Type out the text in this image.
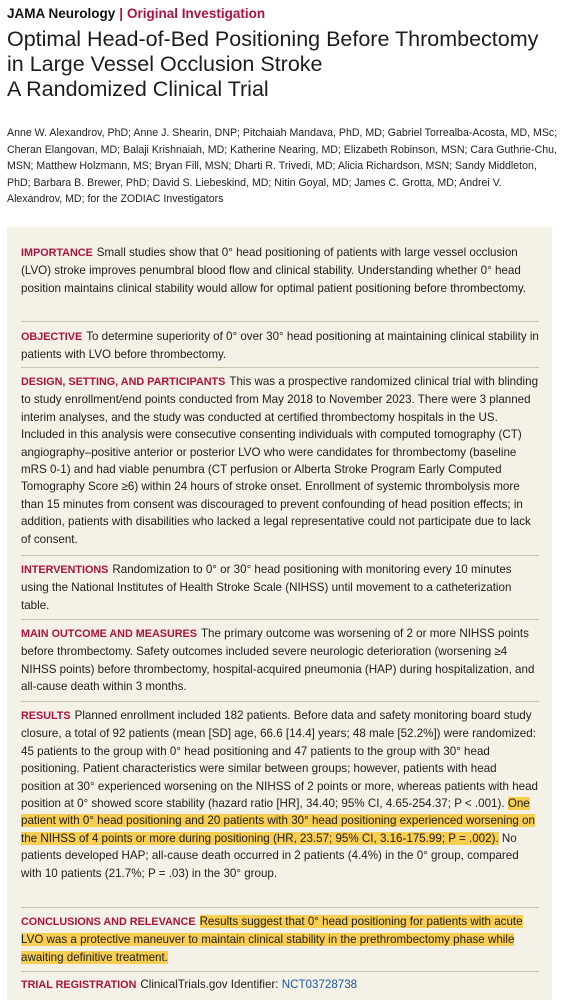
JAMA Neurology | Original Investigation
Optimal Head-of-Bed Positioning Before Thrombectomy in Large Vessel Occlusion Stroke
A Randomized Clinical Trial
Anne W. Alexandrov, PhD; Anne J. Shearin, DNP; Pitchaiah Mandava, PhD, MD; Gabriel Torrealba-Acosta, MD, MSc; Cheran Elangovan, MD; Balaji Krishnaiah, MD; Katherine Nearing, MD; Elizabeth Robinson, MSN; Cara Guthrie-Chu, MSN; Matthew Holzmann, MS; Bryan Fill, MSN; Dharti R. Trivedi, MD; Alicia Richardson, MSN; Sandy Middleton, PhD; Barbara B. Brewer, PhD; David S. Liebeskind, MD; Nitin Goyal, MD; James C. Grotta, MD; Andrei V. Alexandrov, MD; for the ZODIAC Investigators
IMPORTANCE Small studies show that 0° head positioning of patients with large vessel occlusion (LVO) stroke improves penumbral blood flow and clinical stability. Understanding whether 0° head position maintains clinical stability would allow for optimal patient positioning before thrombectomy.
OBJECTIVE To determine superiority of 0° over 30° head positioning at maintaining clinical stability in patients with LVO before thrombectomy.
DESIGN, SETTING, AND PARTICIPANTS This was a prospective randomized clinical trial with blinding to study enrollment/end points conducted from May 2018 to November 2023. There were 3 planned interim analyses, and the study was conducted at certified thrombectomy hospitals in the US. Included in this analysis were consecutive consenting individuals with computed tomography (CT) angiography–positive anterior or posterior LVO who were candidates for thrombectomy (baseline mRS 0-1) and had viable penumbra (CT perfusion or Alberta Stroke Program Early Computed Tomography Score ≥6) within 24 hours of stroke onset. Enrollment of systemic thrombolysis more than 15 minutes from consent was discouraged to prevent confounding of head position effects; in addition, patients with disabilities who lacked a legal representative could not participate due to lack of consent.
INTERVENTIONS Randomization to 0° or 30° head positioning with monitoring every 10 minutes using the National Institutes of Health Stroke Scale (NIHSS) until movement to a catheterization table.
MAIN OUTCOME AND MEASURES The primary outcome was worsening of 2 or more NIHSS points before thrombectomy. Safety outcomes included severe neurologic deterioration (worsening ≥4 NIHSS points) before thrombectomy, hospital-acquired pneumonia (HAP) during hospitalization, and all-cause death within 3 months.
RESULTS Planned enrollment included 182 patients. Before data and safety monitoring board study closure, a total of 92 patients (mean [SD] age, 66.6 [14.4] years; 48 male [52.2%]) were randomized: 45 patients to the group with 0° head positioning and 47 patients to the group with 30° head positioning. Patient characteristics were similar between groups; however, patients with head position at 30° experienced worsening on the NIHSS of 2 points or more, whereas patients with head position at 0° showed score stability (hazard ratio [HR], 34.40; 95% CI, 4.65-254.37; P < .001). One patient with 0° head positioning and 20 patients with 30° head positioning experienced worsening on the NIHSS of 4 points or more during positioning (HR, 23.57; 95% CI, 3.16-175.99; P = .002). No patients developed HAP; all-cause death occurred in 2 patients (4.4%) in the 0° group, compared with 10 patients (21.7%; P = .03) in the 30° group.
CONCLUSIONS AND RELEVANCE Results suggest that 0° head positioning for patients with acute LVO was a protective maneuver to maintain clinical stability in the prethrombectomy phase while awaiting definitive treatment.
TRIAL REGISTRATION ClinicalTrials.gov Identifier: NCT03728738
